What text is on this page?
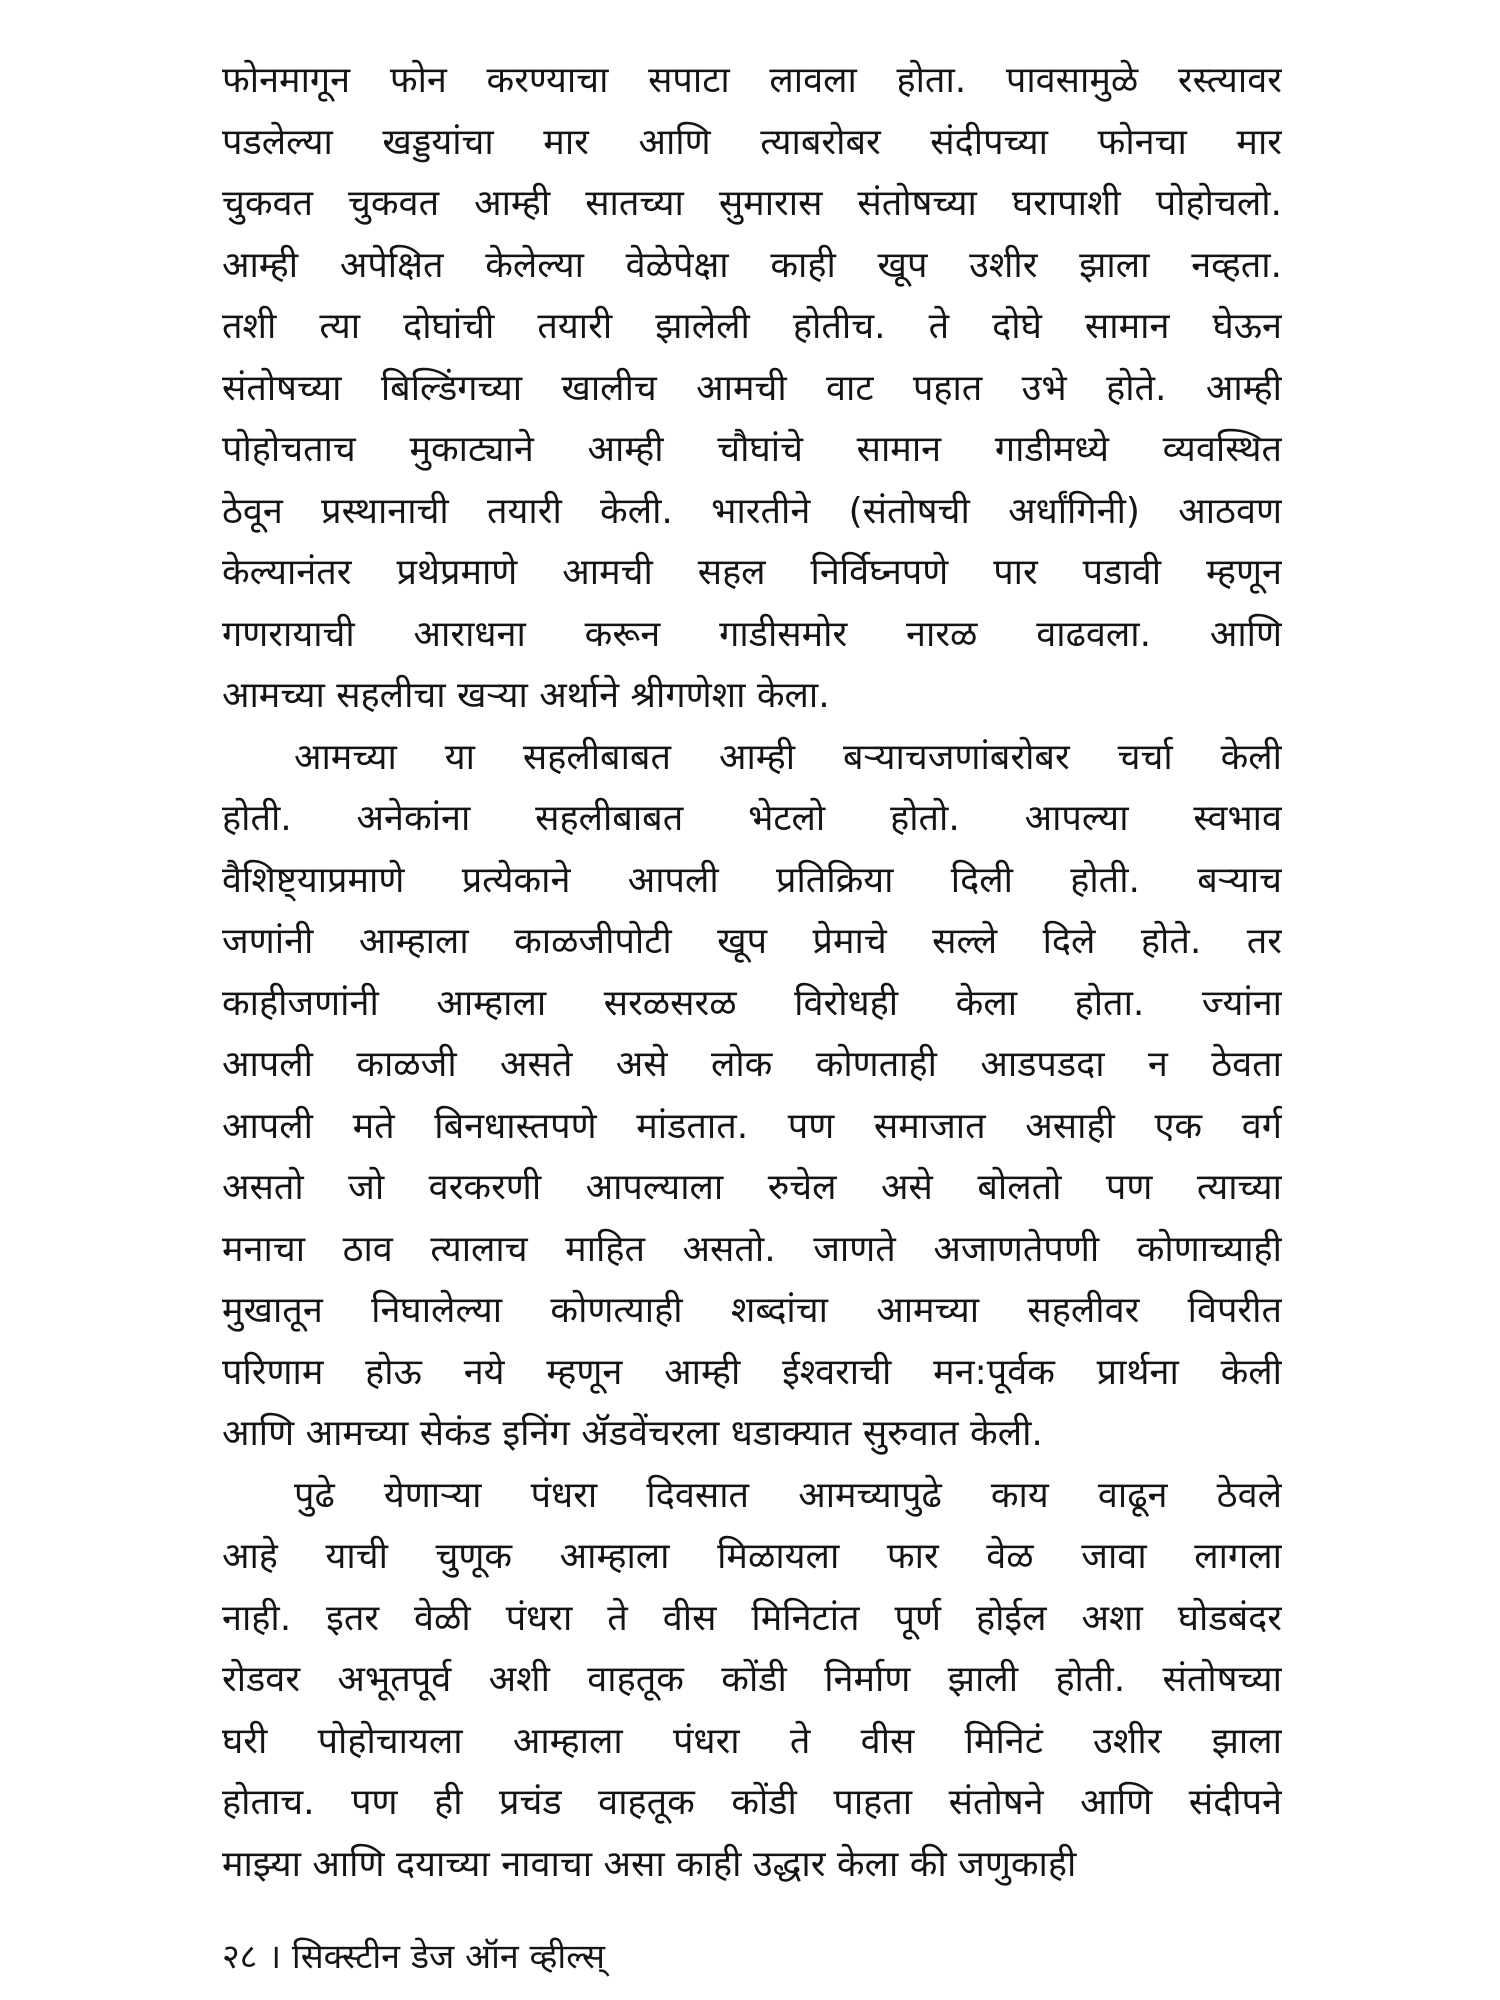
फोनमागून फोन करण्याचा सपाटा लावला होता. पावसामुळे रस्त्यावर
पडलेल्या खड्डयांचा मार आणि त्याबरोबर संदीपच्या फोनचा मार
चुकवत चुकवत आम्ही सातच्या सुमारास संतोषच्या घरापाशी पोहोचलो.
आम्ही अपेक्षित केलेल्या वेळेपेक्षा काही खूप उशीर झाला नव्हता.
तशी त्या दोघांची तयारी झालेली होतीच. ते दोघे सामान घेऊन
संतोषच्या बिल्डिंगच्या खालीच आमची वाट पहात उभे होते. आम्ही
पोहोचताच मुकाट्याने आम्ही चौघांचे सामान गाडीमध्ये व्यवस्थित
ठेवून प्रस्थानाची तयारी केली. भारतीने (संतोषची अर्धांगिनी) आठवण
केल्यानंतर प्रथेप्रमाणे आमची सहल निर्विघ्नपणे पार पडावी म्हणून
गणरायाची आराधना करून गाडीसमोर नारळ वाढवला. आणि
आमच्या सहलीचा खऱ्या अर्थाने श्रीगणेशा केला.
आमच्या या सहलीबाबत आम्ही बऱ्याचजणांबरोबर चर्चा केली
होती. अनेकांना सहलीबाबत भेटलो होतो. आपल्या स्वभाव
वैशिष्ट्याप्रमाणे प्रत्येकाने आपली प्रतिक्रिया दिली होती. बऱ्याच
जणांनी आम्हाला काळजीपोटी खूप प्रेमाचे सल्ले दिले होते. तर
काहीजणांनी आम्हाला सरळसरळ विरोधही केला होता. ज्यांना
आपली काळजी असते असे लोक कोणताही आडपडदा न ठेवता
आपली मते बिनधास्तपणे मांडतात. पण समाजात असाही एक वर्ग
असतो जो वरकरणी आपल्याला रुचेल असे बोलतो पण त्याच्या
मनाचा ठाव त्यालाच माहित असतो. जाणते अजाणतेपणी कोणाच्याही
मुखातून निघालेल्या कोणत्याही शब्दांचा आमच्या सहलीवर विपरीत
परिणाम होऊ नये म्हणून आम्ही ईश्वराची मन:पूर्वक प्रार्थना केली
आणि आमच्या सेकंड इनिंग ॲडवेंचरला धडाक्यात सुरुवात केली.
पुढे येणाऱ्या पंधरा दिवसात आमच्यापुढे काय वाढून ठेवले
आहे याची चुणूक आम्हाला मिळायला फार वेळ जावा लागला
नाही. इतर वेळी पंधरा ते वीस मिनिटांत पूर्ण होईल अशा घोडबंदर
रोडवर अभूतपूर्व अशी वाहतूक कोंडी निर्माण झाली होती. संतोषच्या
घरी पोहोचायला आम्हाला पंधरा ते वीस मिनिटं उशीर झाला
होताच. पण ही प्रचंड वाहतूक कोंडी पाहता संतोषने आणि संदीपने
माझ्या आणि दयाच्या नावाचा असा काही उद्धार केला की जणुकाही
२८ । सिक्स्टीन डेज ऑन व्हील्स्
